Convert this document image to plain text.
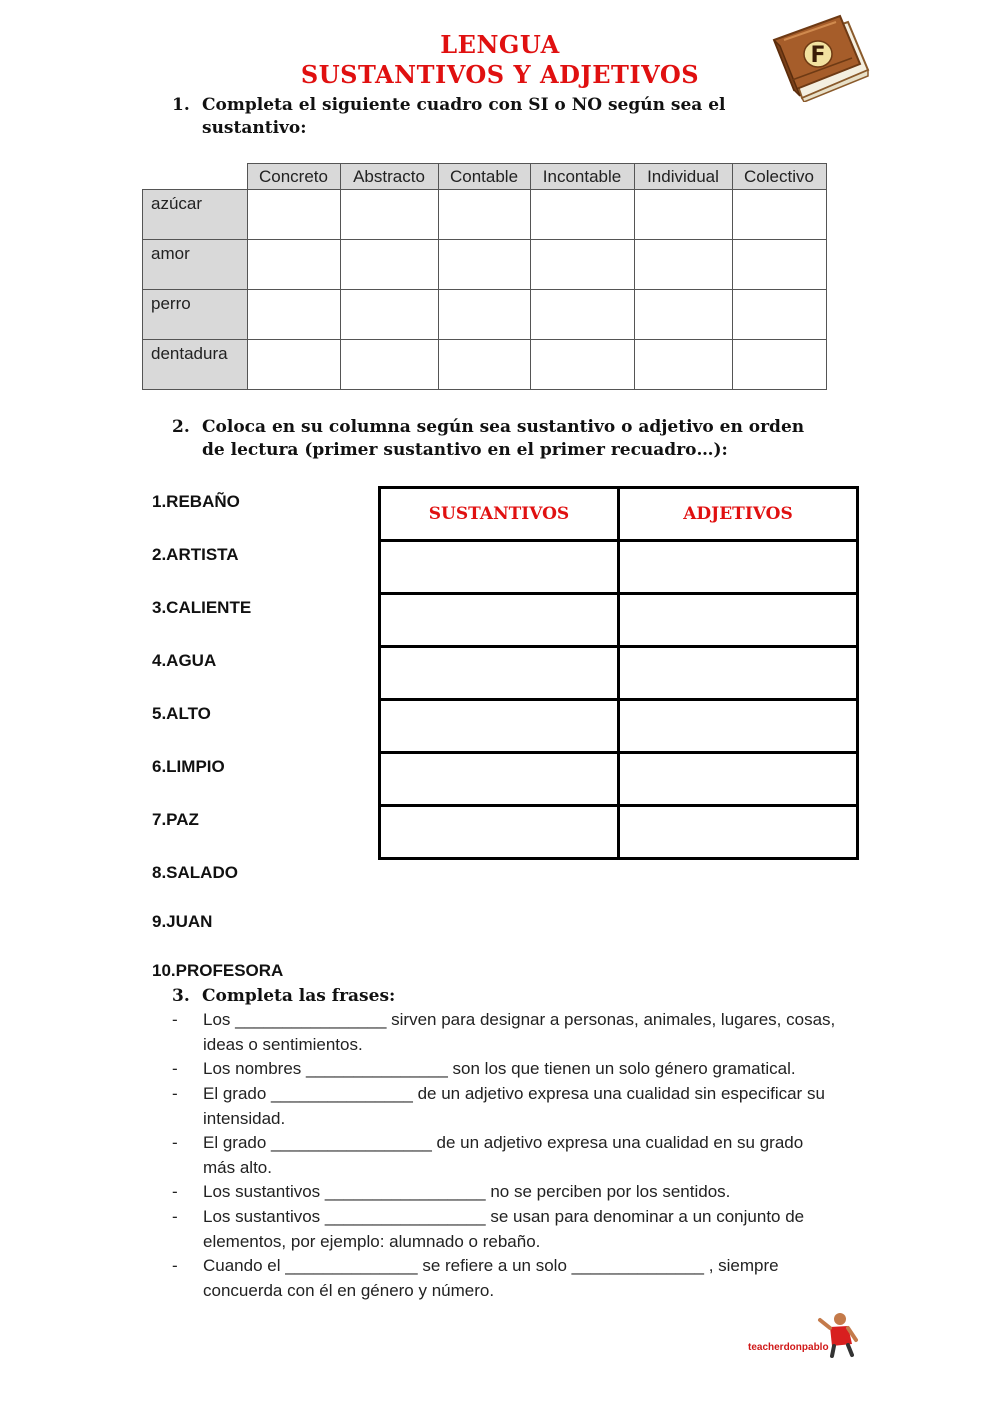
LENGUA
SUSTANTIVOS Y ADJETIVOS
F
1. Completa el siguiente cuadro con SI o NO según sea el
sustantivo:
	Concreto	Abstracto	Contable	Incontable	Individual	Colectivo
azúcar						
amor						
perro						
dentadura						
2. Coloca en su columna según sea sustantivo o adjetivo en orden
de lectura (primer sustantivo en el primer recuadro…):
1.REBAÑO
2.ARTISTA
3.CALIENTE
4.AGUA
5.ALTO
6.LIMPIO
7.PAZ
8.SALADO
9.JUAN
10.PROFESORA
SUSTANTIVOS	ADJETIVOS

3. Completa las frases:
- Los ________________ sirven para designar a personas, animales, lugares, cosas,
ideas o sentimientos.
- Los nombres _______________ son los que tienen un solo género gramatical.
- El grado _______________ de un adjetivo expresa una cualidad sin especificar su
intensidad.
- El grado _________________ de un adjetivo expresa una cualidad en su grado
más alto.
- Los sustantivos _________________ no se perciben por los sentidos.
- Los sustantivos _________________ se usan para denominar a un conjunto de
elementos, por ejemplo: alumnado o rebaño.
- Cuando el ______________ se refiere a un solo ______________ , siempre
concuerda con él en género y número.
teacherdonpablo
